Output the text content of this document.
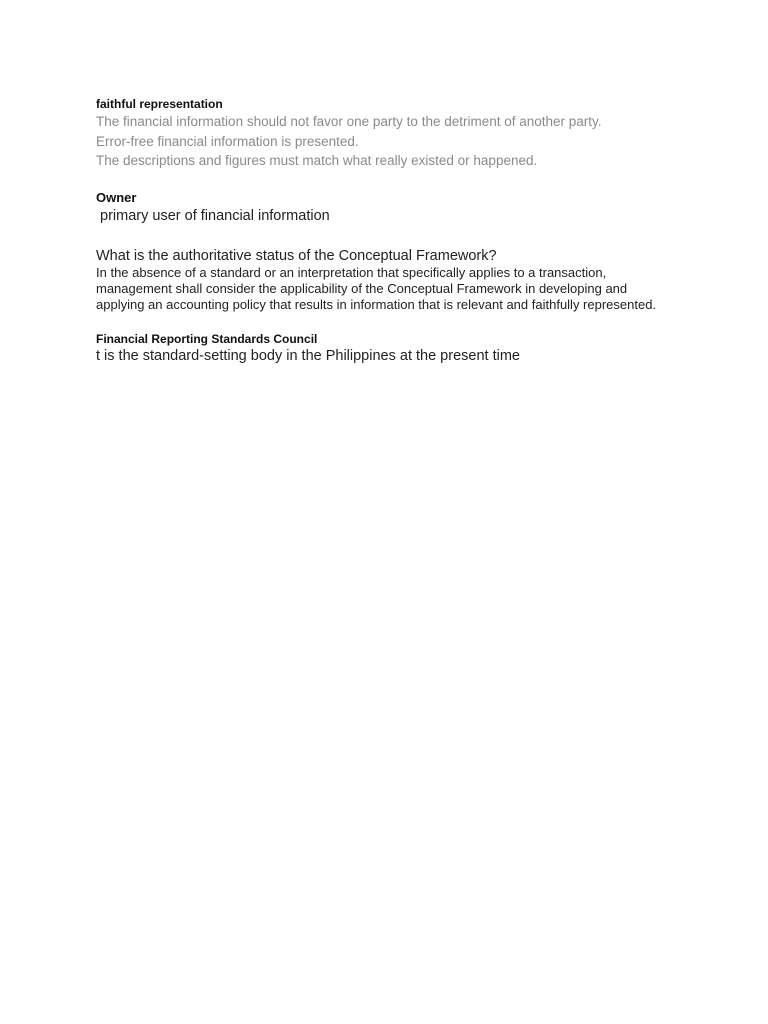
faithful representation

The financial information should not favor one party to the detriment of another party.

Error-free financial information is presented.

The descriptions and figures must match what really existed or happened.

Owner

primary user of financial information

What is the authoritative status of the Conceptual Framework?

In the absence of a standard or an interpretation that specifically applies to a transaction, management shall consider the applicability of the Conceptual Framework in developing and applying an accounting policy that results in information that is relevant and faithfully represented.

Financial Reporting Standards Council

t is the standard-setting body in the Philippines at the present time
